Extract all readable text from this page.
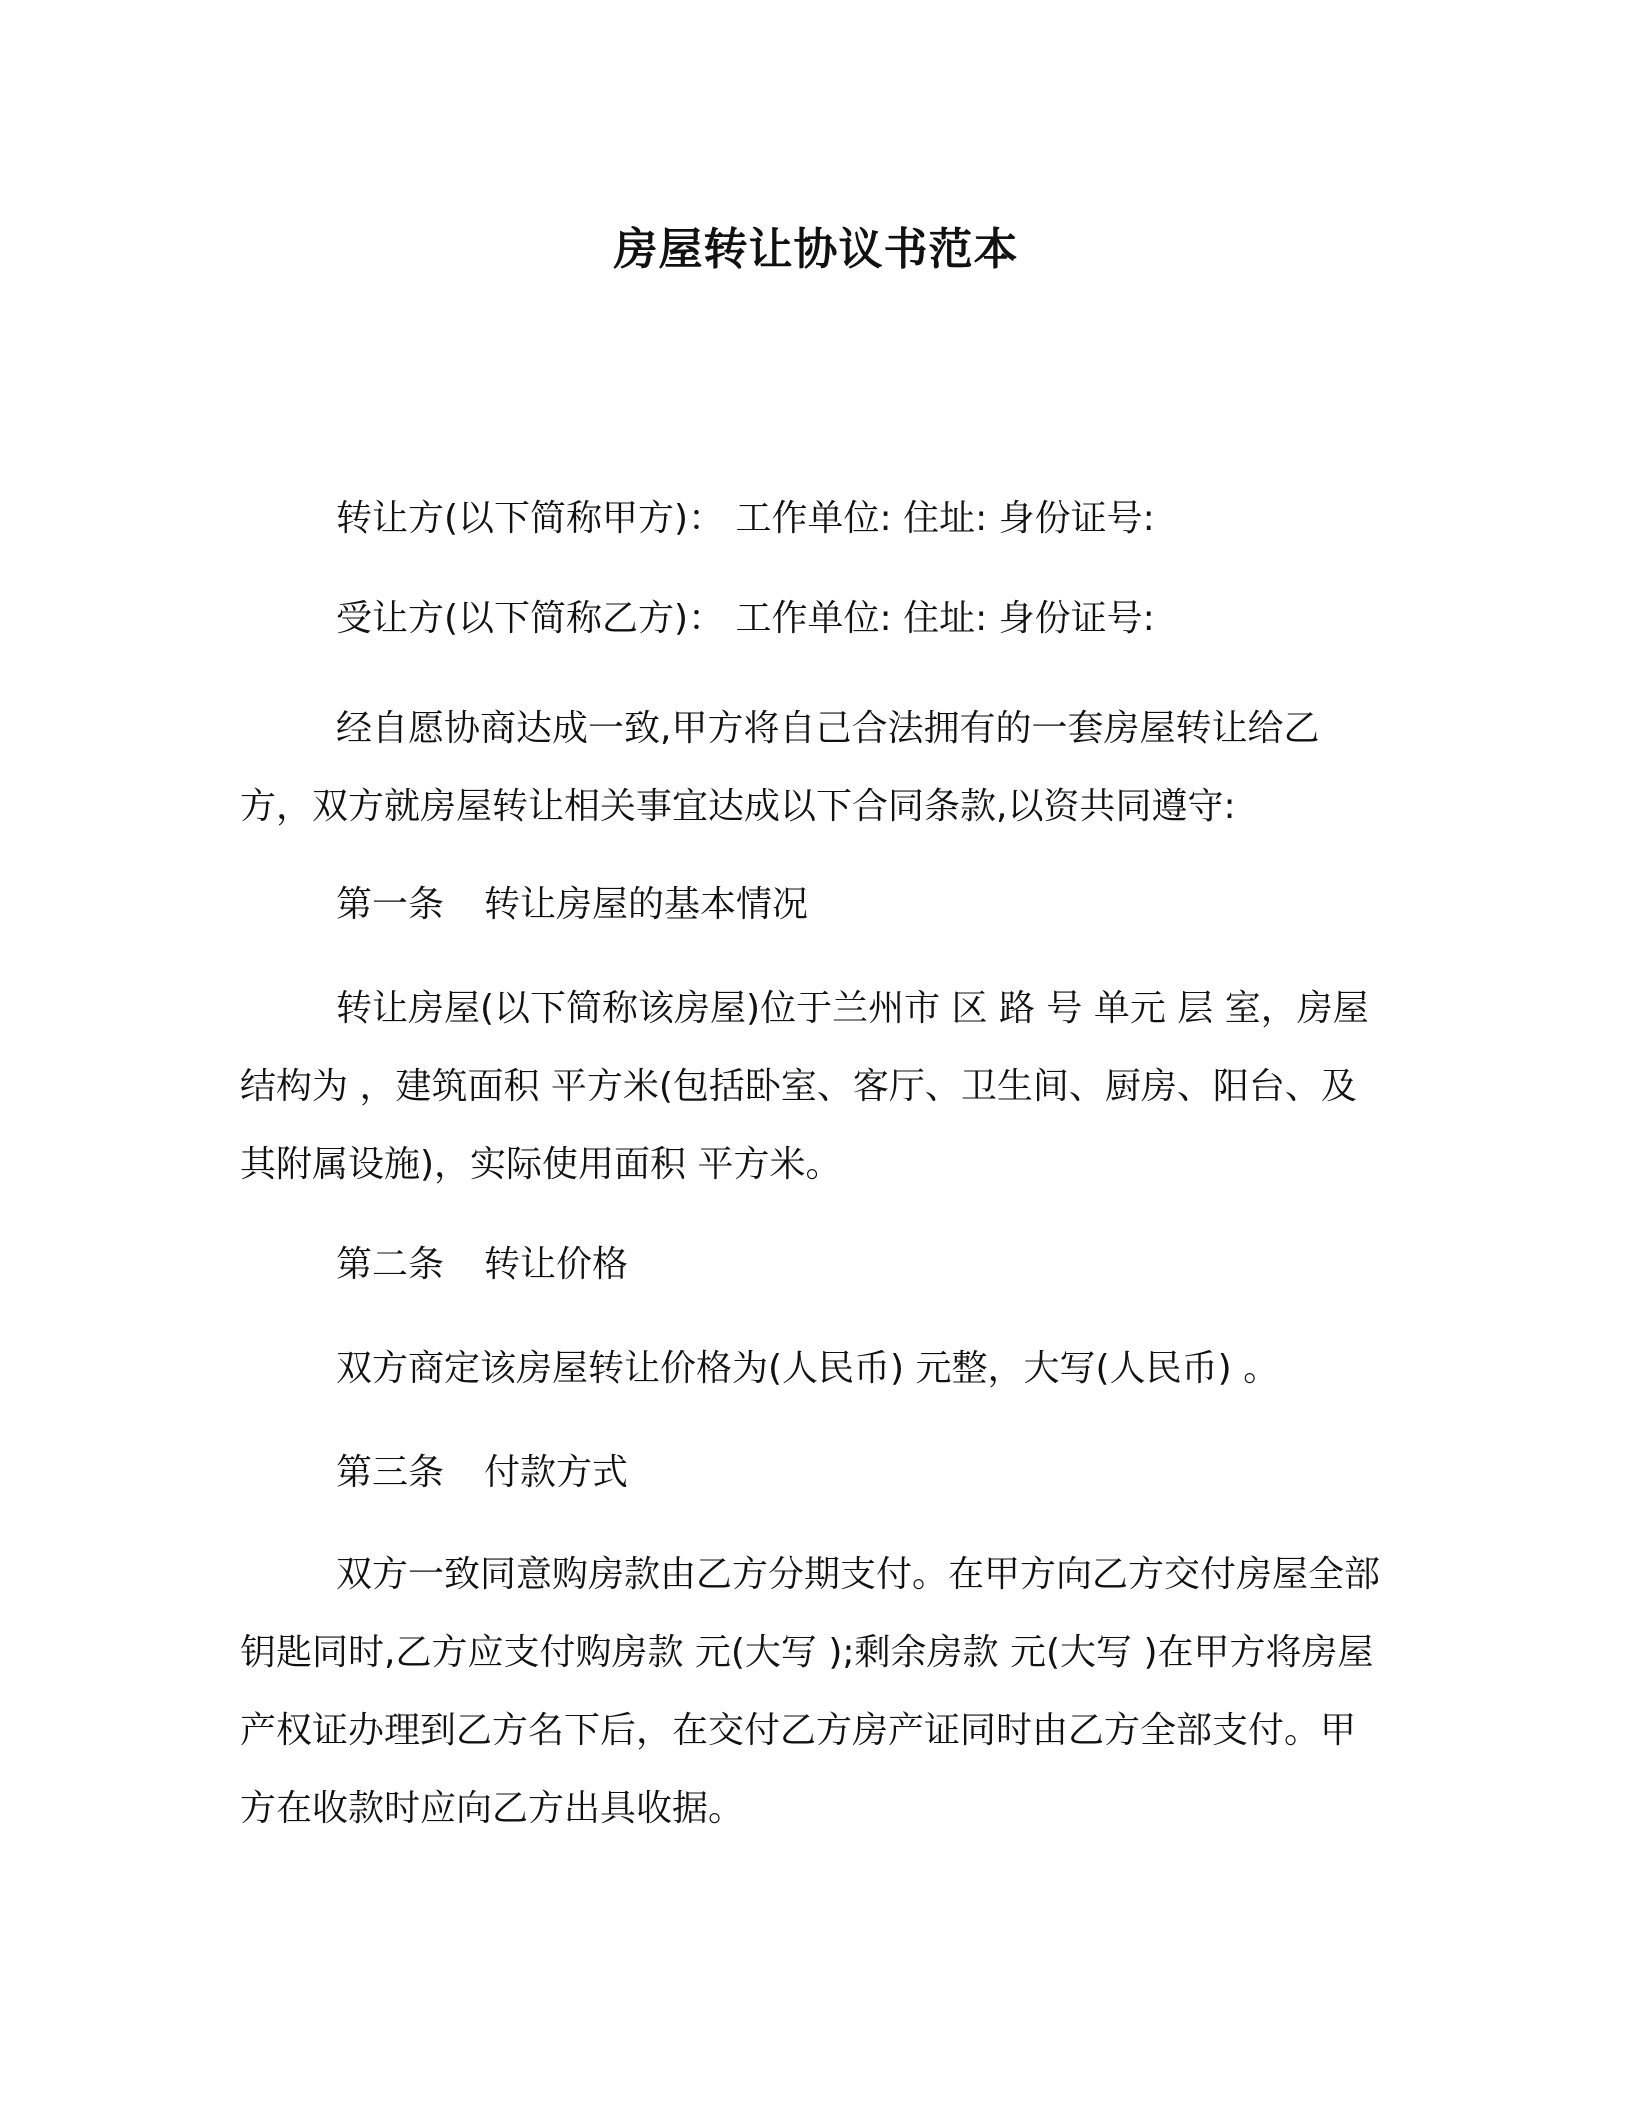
房屋转让协议书范本

转让方(以下简称甲方)： 工作单位: 住址: 身份证号:

受让方(以下简称乙方)： 工作单位: 住址: 身份证号:

经自愿协商达成一致,甲方将自己合法拥有的一套房屋转让给乙方，双方就房屋转让相关事宜达成以下合同条款,以资共同遵守:

第一条 转让房屋的基本情况

转让房屋(以下简称该房屋)位于兰州市 区 路 号 单元 层 室，房屋结构为 ，建筑面积 平方米(包括卧室、客厅、卫生间、厨房、阳台、及其附属设施)，实际使用面积 平方米。

第二条 转让价格

双方商定该房屋转让价格为(人民币) 元整，大写(人民币) 。

第三条 付款方式

双方一致同意购房款由乙方分期支付。在甲方向乙方交付房屋全部钥匙同时,乙方应支付购房款 元(大写 );剩余房款 元(大写 )在甲方将房屋产权证办理到乙方名下后，在交付乙方房产证同时由乙方全部支付。甲方在收款时应向乙方出具收据。
